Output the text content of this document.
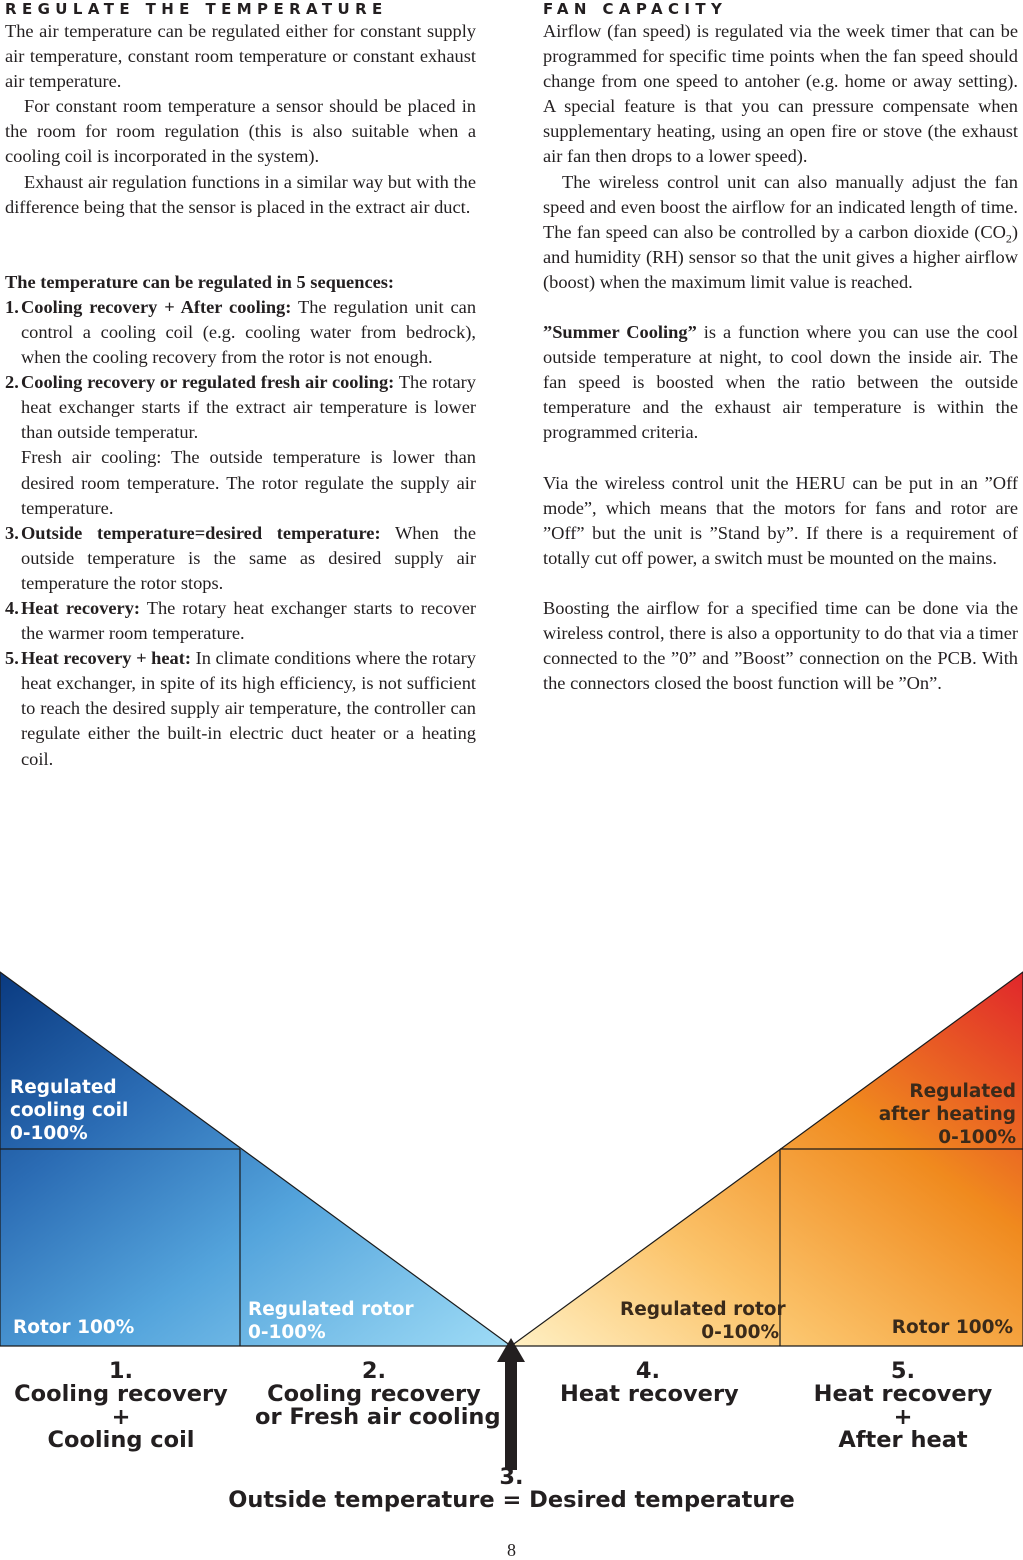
REGULATE THE TEMPERATURE

The air temperature can be regulated either for constant supply air temperature, constant room temperature or constant exhaust air temperature.

For constant room temperature a sensor should be placed in the room for room regulation (this is also suitable when a cooling coil is incorporated in the system).

Exhaust air regulation functions in a similar way but with the difference being that the sensor is placed in the extract air duct.

The temperature can be regulated in 5 sequences:

1. Cooling recovery + After cooling: The regulation unit can control a cooling coil (e.g. cooling water from bedrock), when the cooling recovery from the rotor is not enough.
2. Cooling recovery or regulated fresh air cooling: The rotary heat exchanger starts if the extract air temperature is lower than outside temperatur.
Fresh air cooling: The outside temperature is lower than desired room temperature. The rotor regulate the supply air temperature.
3. Outside temperature=desired temperature: When the outside temperature is the same as desired supply air temperature the rotor stops.
4. Heat recovery: The rotary heat exchanger starts to recover the warmer room temperature.
5. Heat recovery + heat: In climate conditions where the rotary heat exchanger, in spite of its high efficiency, is not sufficient to reach the desired supply air temperature, the controller can regulate either the built-in electric duct heater or a heating coil.
FAN CAPACITY

Airflow (fan speed) is regulated via the week timer that can be programmed for specific time points when the fan speed should change from one speed to antoher (e.g. home or away setting). A special feature is that you can pressure compensate when supplementary heating, using an open fire or stove (the exhaust air fan then drops to a lower speed).

The wireless control unit can also manually adjust the fan speed and even boost the airflow for an indicated length of time. The fan speed can also be controlled by a carbon dioxide $(CO_2)$ and humidity (RH) sensor so that the unit gives a higher airflow (boost) when the maximum limit value is reached.

”Summer Cooling” is a function where you can use the cool outside temperature at night, to cool down the inside air. The fan speed is boosted when the ratio between the outside temperature and the exhaust air temperature is within the programmed criteria.

Via the wireless control unit the HERU can be put in an ”Off mode”, which means that the motors for fans and rotor are ”Off” but the unit is ”Stand by”. If there is a requirement of totally cut off power, a switch must be mounted on the mains.

Boosting the airflow for a specified time can be done via the wireless control, there is also a opportunity to do that via a timer connected to the ”0” and ”Boost” connection on the PCB. With the connectors closed the boost function will be ”On”.

Regulated
cooling coil
0-100%
Rotor 100%
Regulated rotor
0-100%
Regulated rotor
0-100%
Regulated
after heating
0-100%
Rotor 100%
1.
Cooling recovery
+
Cooling coil
2.
Cooling recovery
or Fresh air cooling
4.
Heat recovery
5.
Heat recovery
+
After heat
3.
Outside temperature = Desired temperature
8
